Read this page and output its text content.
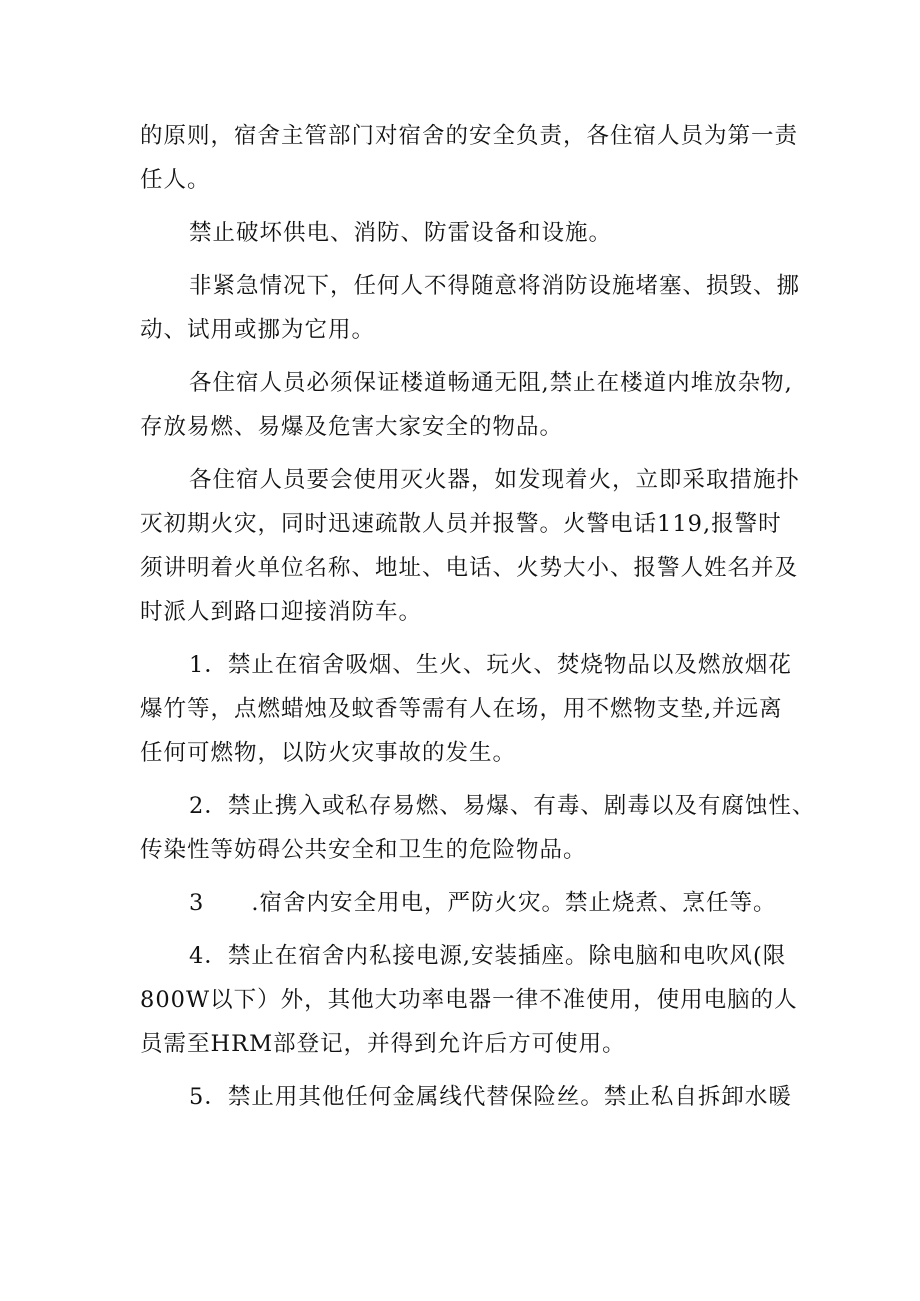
的原则，宿舍主管部门对宿舍的安全负责，各住宿人员为第一责
任人。
禁止破坏供电、消防、防雷设备和设施。
非紧急情况下，任何人不得随意将消防设施堵塞、损毁、挪
动、试用或挪为它用。
各住宿人员必须保证楼道畅通无阻,禁止在楼道内堆放杂物,
存放易燃、易爆及危害大家安全的物品。
各住宿人员要会使用灭火器，如发现着火，立即采取措施扑
灭初期火灾，同时迅速疏散人员并报警。火警电话119,报警时
须讲明着火单位名称、地址、电话、火势大小、报警人姓名并及
时派人到路口迎接消防车。
1．禁止在宿舍吸烟、生火、玩火、焚烧物品以及燃放烟花
爆竹等，点燃蜡烛及蚊香等需有人在场，用不燃物支垫,并远离
任何可燃物，以防火灾事故的发生。
2．禁止携入或私存易燃、易爆、有毒、剧毒以及有腐蚀性、
传染性等妨碍公共安全和卫生的危险物品。
3　　.宿舍内安全用电，严防火灾。禁止烧煮、烹任等。
4．禁止在宿舍内私接电源,安装插座。除电脑和电吹风(限
800W以下）外，其他大功率电器一律不准使用，使用电脑的人
员需至HRM部登记，并得到允许后方可使用。
5．禁止用其他任何金属线代替保险丝。禁止私自拆卸水暖
